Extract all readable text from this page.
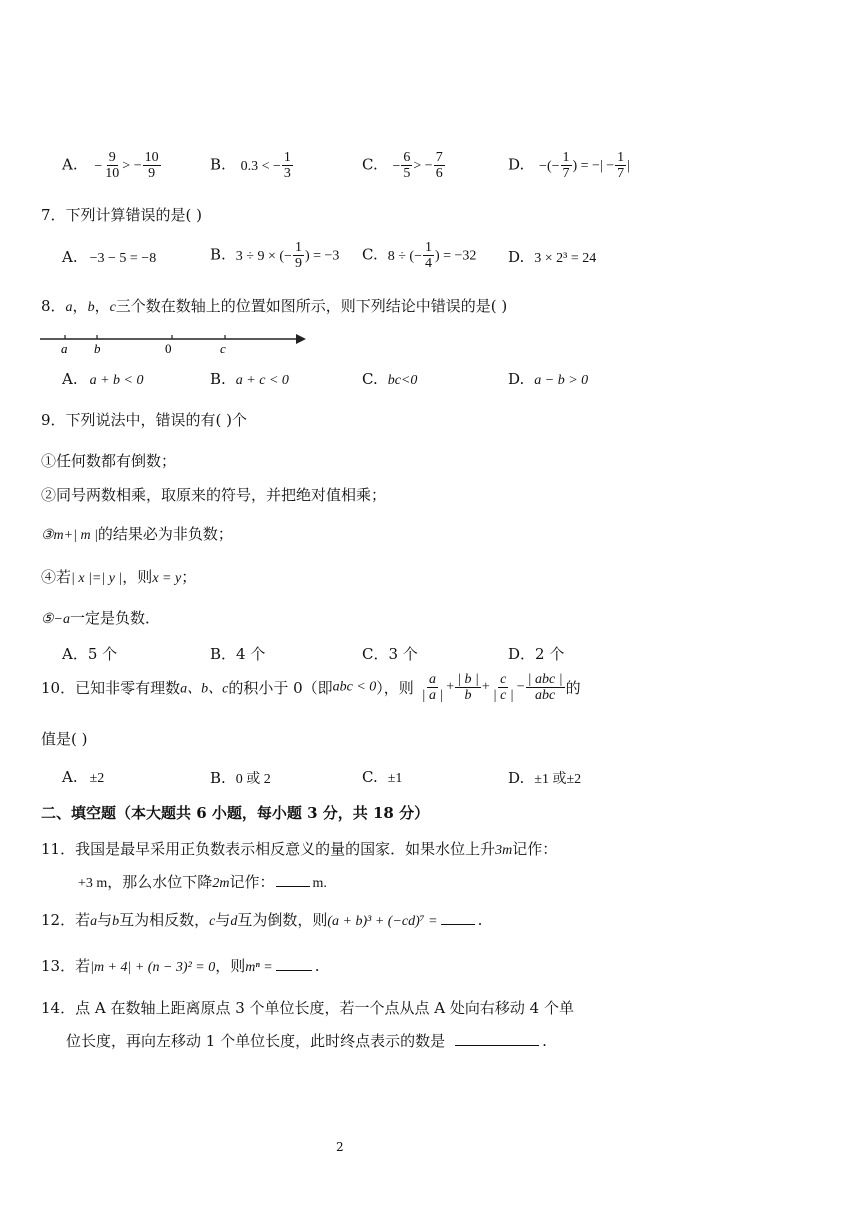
A. − $\frac{9}{10}$ > − $\frac{10}{9}$	B. 0.3 < − $\frac{1}{3}$	C. − $\frac{6}{5}$ > − $\frac{7}{6}$	D. −(− $\frac{1}{7}$ ) = −| − $\frac{1}{7}$ |
7．下列计算错误的是( )
A. −3 − 5 = −8	B. 3 ÷ 9 × (− $\frac{1}{9}$ ) = −3 C. 8 ÷ (− $\frac{1}{4}$ ) = −32 D. 3 × 2³ = 24
8．a，b，c三个数在数轴上的位置如图所示，则下列结论中错误的是( )
a b	0	c
A. a + b < 0	B. a + c < 0	C. bc<0	D. a − b > 0
9．下列说法中，错误的有( )个
①任何数都有倒数；
②同号两数相乘，取原来的符号，并把绝对值相乘；
③m+| m |的结果必为非负数；
④若| x |=| y |，则x = y；
⑤−a一定是负数．
A．5 个	B．4 个	C．3 个	D．2 个
10．已知非零有理数a、b、c的积小于 0（即abc < 0），则 $\frac{a}{| a |} + \frac{| b |}{b} + \frac{c}{| c |} - \frac{\text{| abc |}}{\text{abc}}$ 的
值是( )
A. ±2	B. 0 或 2	C. ±1	D. ±1 或±2
二、填空题（本大题共 6 小题，每小题 3 分，共 18 分）
11．我国是最早采用正负数表示相反意义的量的国家．如果水位上升3m记作：
+3 m，那么水位下降2m记作：	m.
12．若a与b互为相反数，c与d互为倒数，则(a + b)³ + (−cd)⁷ =	.
13．若|m + 4| + (n − 3)² = 0，则mⁿ =	.
14．点 A 在数轴上距离原点 3 个单位长度，若一个点从点 A 处向右移动 4 个单
位长度，再向左移动 1 个单位长度，此时终点表示的数是	.
2
